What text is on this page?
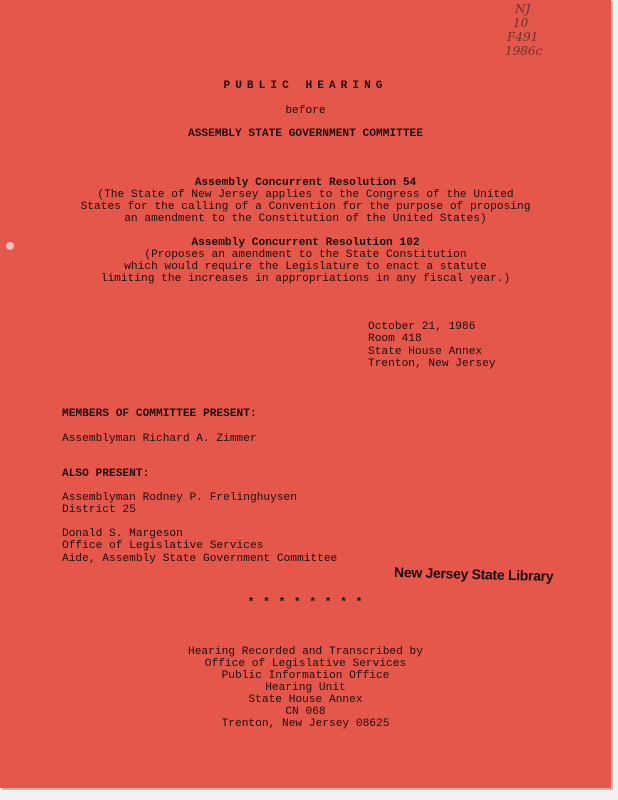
NJ
10
F491
1986c
PUBLIC HEARING
before
ASSEMBLY STATE GOVERNMENT COMMITTEE
Assembly Concurrent Resolution 54
(The State of New Jersey applies to the Congress of the United
States for the calling of a Convention for the purpose of proposing
an amendment to the Constitution of the United States)
Assembly Concurrent Resolution 102
(Proposes an amendment to the State Constitution
which would require the Legislature to enact a statute
limiting the increases in appropriations in any fiscal year.)
October 21, 1986
Room 418
State House Annex
Trenton, New Jersey
MEMBERS OF COMMITTEE PRESENT:
Assemblyman Richard A. Zimmer
ALSO PRESENT:
Assemblyman Rodney P. Frelinghuysen
District 25
Donald S. Margeson
Office of Legislative Services
Aide, Assembly State Government Committee
New Jersey State Library
* * * * * * * *
Hearing Recorded and Transcribed by
Office of Legislative Services
Public Information Office
Hearing Unit
State House Annex
CN 068
Trenton, New Jersey 08625
